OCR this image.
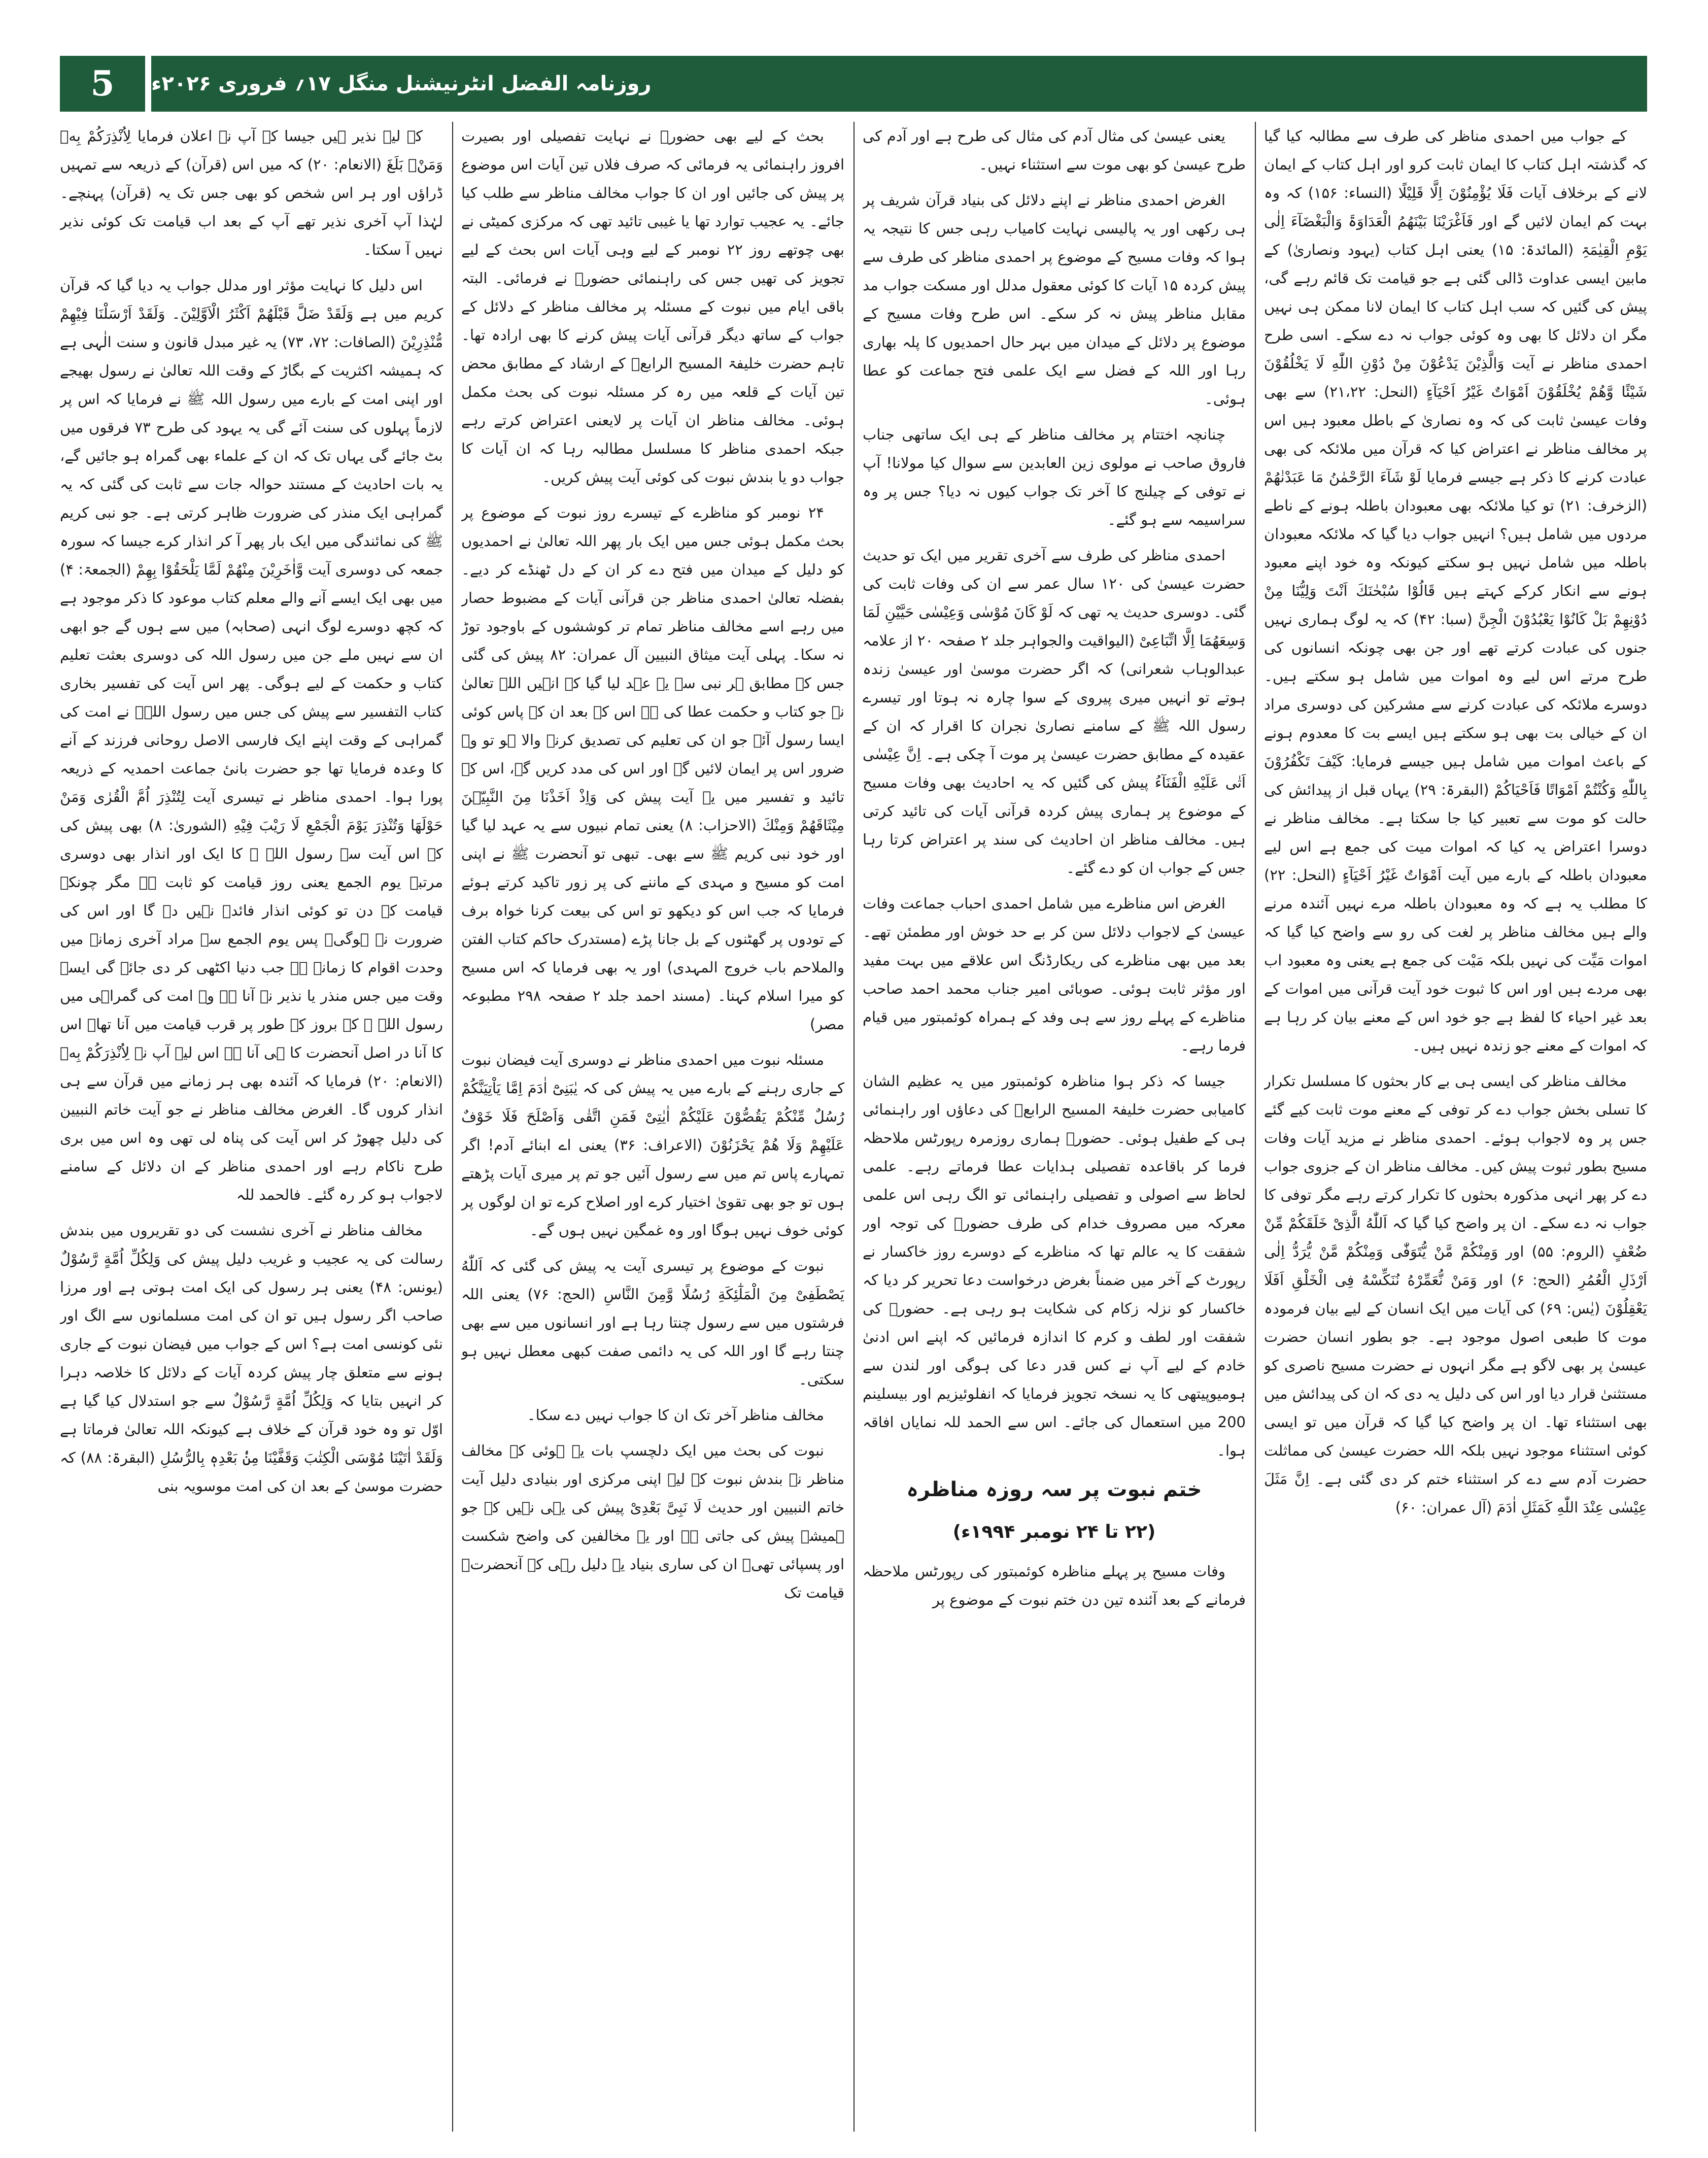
5	روزنامہ الفضل انٹرنیشنل منگل ۱۷؍ فروری ۲۰۲۶ء

کے جواب میں احمدی مناظر کی طرف سے مطالبہ کیا گیا کہ گذشتہ اہل کتاب کا ایمان ثابت کرو اور اہل کتاب کے ایمان لانے کے برخلاف آیات فَلَا یُؤْمِنُوْنَ اِلَّا قَلِیْلًا (النساء: ۱۵۶) کہ وہ بہت کم ایمان لائیں گے اور فَاَغْرَیْنَا بَیْنَهُمُ الْعَدَاوَۃَ وَالْبَغْضَآءَ اِلٰی یَوْمِ الْقِیٰمَۃِ (المائدۃ: ۱۵) یعنی اہل کتاب (یہود ونصاریٰ) کے مابین ایسی عداوت ڈالی گئی ہے جو قیامت تک قائم رہے گی، پیش کی گئیں کہ سب اہل کتاب کا ایمان لانا ممکن ہی نہیں مگر ان دلائل کا بھی وہ کوئی جواب نہ دے سکے۔ اسی طرح احمدی مناظر نے آیت وَالَّذِیْنَ یَدْعُوْنَ مِنْ دُوْنِ اللّٰهِ لَا یَخْلُقُوْنَ شَیْئًا وَّهُمْ یُخْلَقُوْنَ اَمْوَاتٌ غَیْرُ اَحْیَآءٍ (النحل: ۲۱،۲۲) سے بھی وفات عیسیٰ ثابت کی کہ وہ نصاریٰ کے باطل معبود ہیں اس پر مخالف مناظر نے اعتراض کیا کہ قرآن میں ملائکہ کی بھی عبادت کرنے کا ذکر ہے جیسے فرمایا لَوْ شَآءَ الرَّحْمٰنُ مَا عَبَدْنٰهُمْ (الزخرف: ۲۱) تو کیا ملائکہ بھی معبودان باطلہ ہونے کے ناطے مردوں میں شامل ہیں؟ انہیں جواب دیا گیا کہ ملائکہ معبودان باطلہ میں شامل نہیں ہو سکتے کیونکہ وہ خود اپنے معبود ہونے سے انکار کرکے کہتے ہیں قَالُوْا سُبْحٰنَكَ اَنْتَ وَلِیُّنَا مِنْ دُوْنِهِمْ بَلْ كَانُوْا یَعْبُدُوْنَ الْجِنَّ (سبا: ۴۲) کہ یہ لوگ ہماری نہیں جنوں کی عبادت کرتے تھے اور جن بھی چونکہ انسانوں کی طرح مرتے اس لیے وہ اموات میں شامل ہو سکتے ہیں۔ دوسرے ملائکہ کی عبادت کرنے سے مشرکین کی دوسری مراد ان کے خیالی بت بھی ہو سکتے ہیں ایسے بت کا معدوم ہونے کے باعث اموات میں شامل ہیں جیسے فرمایا: كَیْفَ تَكْفُرُوْنَ بِاللّٰهِ وَكُنْتُمْ اَمْوَاتًا فَاَحْیَاكُمْ (البقرۃ: ۲۹) یہاں قبل از پیدائش کی حالت کو موت سے تعبیر کیا جا سکتا ہے۔ مخالف مناظر نے دوسرا اعتراض یہ کیا کہ اموات میت کی جمع ہے اس لیے معبودان باطلہ کے بارے میں آیت اَمْوَاتٌ غَیْرُ اَحْیَآءٍ (النحل: ۲۲) کا مطلب یہ ہے کہ وہ معبودان باطلہ مرے نہیں آئندہ مرنے والے ہیں مخالف مناظر پر لغت کی رو سے واضح کیا گیا کہ اموات مَیِّت کی نہیں بلکہ مَیْت کی جمع ہے یعنی وہ معبود اب بھی مردے ہیں اور اس کا ثبوت خود آیت قرآنی میں اموات کے بعد غیر احیاء کا لفظ ہے جو خود اس کے معنے بیان کر رہا ہے کہ اموات کے معنے جو زندہ نہیں ہیں۔

مخالف مناظر کی ایسی ہی بے کار بحثوں کا مسلسل تکرار کا تسلی بخش جواب دے کر توفی کے معنے موت ثابت کیے گئے جس پر وہ لاجواب ہوئے۔ احمدی مناظر نے مزید آیات وفات مسیح بطور ثبوت پیش کیں۔ مخالف مناظر ان کے جزوی جواب دے کر پھر انہی مذکورہ بحثوں کا تکرار کرتے رہے مگر توفی کا جواب نہ دے سکے۔ ان پر واضح کیا گیا کہ اَللّٰهُ الَّذِیْ خَلَقَكُمْ مِّنْ ضُعْفٍ (الروم: ۵۵) اور وَمِنْكُمْ مَّنْ یُّتَوَفّٰی وَمِنْكُمْ مَّنْ یُّرَدُّ اِلٰی اَرْذَلِ الْعُمُرِ (الحج: ۶) اور وَمَنْ نُّعَمِّرْهُ نُنَكِّسْهُ فِی الْخَلْقِ اَفَلَا یَعْقِلُوْنَ (یٰس: ۶۹) کی آیات میں ایک انسان کے لیے بیان فرمودہ موت کا طبعی اصول موجود ہے۔ جو بطور انسان حضرت عیسیٰ پر بھی لاگو ہے مگر انہوں نے حضرت مسیح ناصری کو مستثنیٰ قرار دیا اور اس کی دلیل یہ دی کہ ان کی پیدائش میں بھی استثناء تھا۔ ان پر واضح کیا گیا کہ قرآن میں تو ایسی کوئی استثناء موجود نہیں بلکہ اللہ حضرت عیسیٰ کی مماثلت حضرت آدم سے دے کر استثناء ختم کر دی گئی ہے۔ اِنَّ مَثَلَ عِیْسٰی عِنْدَ اللّٰهِ كَمَثَلِ اٰدَمَ (آل عمران: ۶۰)

یعنی عیسیٰ کی مثال آدم کی مثال کی طرح ہے اور آدم کی طرح عیسیٰ کو بھی موت سے استثناء نہیں۔

الغرض احمدی مناظر نے اپنے دلائل کی بنیاد قرآن شریف پر ہی رکھی اور یہ پالیسی نہایت کامیاب رہی جس کا نتیجہ یہ ہوا کہ وفات مسیح کے موضوع پر احمدی مناظر کی طرف سے پیش کردہ ۱۵ آیات کا کوئی معقول مدلل اور مسکت جواب مد مقابل مناظر پیش نہ کر سکے۔ اس طرح وفات مسیح کے موضوع پر دلائل کے میدان میں بہر حال احمدیوں کا پلہ بھاری رہا اور اللہ کے فضل سے ایک علمی فتح جماعت کو عطا ہوئی۔

چنانچہ اختتام پر مخالف مناظر کے ہی ایک ساتھی جناب فاروق صاحب نے مولوی زین العابدین سے سوال کیا مولانا! آپ نے توفی کے چیلنج کا آخر تک جواب کیوں نہ دیا؟ جس پر وہ سراسیمہ سے ہو گئے۔

احمدی مناظر کی طرف سے آخری تقریر میں ایک تو حدیث حضرت عیسیٰ کی ۱۲۰ سال عمر سے ان کی وفات ثابت کی گئی۔ دوسری حدیث یہ تھی کہ لَوْ كَانَ مُوْسٰی وَعِیْسٰی حَیَّیْنِ لَمَا وَسِعَهُمَا اِلَّا اتِّبَاعِیْ (الیواقیت والجواہر جلد ۲ صفحہ ۲۰ از علامہ عبدالوہاب شعرانی) کہ اگر حضرت موسیٰ اور عیسیٰ زندہ ہوتے تو انہیں میری پیروی کے سوا چارہ نہ ہوتا اور تیسرے رسول اللہ ﷺ کے سامنے نصاریٰ نجران کا اقرار کہ ان کے عقیدہ کے مطابق حضرت عیسیٰ پر موت آ چکی ہے۔ اِنَّ عِیْسٰی اَتٰی عَلَیْهِ الْفَنَآءُ پیش کی گئیں کہ یہ احادیث بھی وفات مسیح کے موضوع پر ہماری پیش کردہ قرآنی آیات کی تائید کرتی ہیں۔ مخالف مناظر ان احادیث کی سند پر اعتراض کرتا رہا جس کے جواب ان کو دے گئے۔

الغرض اس مناظرے میں شامل احمدی احباب جماعت وفات عیسیٰ کے لاجواب دلائل سن کر بے حد خوش اور مطمئن تھے۔ بعد میں بھی مناظرے کی ریکارڈنگ اس علاقے میں بہت مفید اور مؤثر ثابت ہوئی۔ صوبائی امیر جناب محمد احمد صاحب مناظرے کے پہلے روز سے ہی وفد کے ہمراہ کوئمبتور میں قیام فرما رہے۔

جیسا کہ ذکر ہوا مناظرہ کوئمبتور میں یہ عظیم الشان کامیابی حضرت خلیفۃ المسیح الرابعؒ کی دعاؤں اور راہنمائی ہی کے طفیل ہوئی۔ حضورؒ ہماری روزمرہ رپورٹس ملاحظہ فرما کر باقاعدہ تفصیلی ہدایات عطا فرماتے رہے۔ علمی لحاظ سے اصولی و تفصیلی راہنمائی تو الگ رہی اس علمی معرکہ میں مصروف خدام کی طرف حضورؒ کی توجہ اور شفقت کا یہ عالم تھا کہ مناظرے کے دوسرے روز خاکسار نے رپورٹ کے آخر میں ضمناً بغرض درخواست دعا تحریر کر دیا کہ خاکسار کو نزلہ زکام کی شکایت ہو رہی ہے۔ حضورؒ کی شفقت اور لطف و کرم کا اندازہ فرمائیں کہ اپنے اس ادنیٰ خادم کے لیے آپ نے کس قدر دعا کی ہوگی اور لندن سے ہومیوپیتھی کا یہ نسخہ تجویز فرمایا کہ انفلوئیزیم اور بیسلینم 200 میں استعمال کی جائے۔ اس سے الحمد للہ نمایاں افاقہ ہوا۔

ختم نبوت پر سہ روزہ مناظرہ

(۲۲ تا ۲۴ نومبر ۱۹۹۴ء)

وفات مسیح پر پہلے مناظرہ کوئمبتور کی رپورٹس ملاحظہ فرمانے کے بعد آئندہ تین دن ختم نبوت کے موضوع پر

بحث کے لیے بھی حضورؒ نے نہایت تفصیلی اور بصیرت افروز راہنمائی یہ فرمائی کہ صرف فلاں تین آیات اس موضوع پر پیش کی جائیں اور ان کا جواب مخالف مناظر سے طلب کیا جائے۔ یہ عجیب توارد تھا یا غیبی تائید تھی کہ مرکزی کمیٹی نے بھی چوتھے روز ۲۲ نومبر کے لیے وہی آیات اس بحث کے لیے تجویز کی تھیں جس کی راہنمائی حضورؒ نے فرمائی۔ البتہ باقی ایام میں نبوت کے مسئلہ پر مخالف مناظر کے دلائل کے جواب کے ساتھ دیگر قرآنی آیات پیش کرنے کا بھی ارادہ تھا۔ تاہم حضرت خلیفۃ المسیح الرابعؒ کے ارشاد کے مطابق محض تین آیات کے قلعہ میں رہ کر مسئلہ نبوت کی بحث مکمل ہوئی۔ مخالف مناظر ان آیات پر لایعنی اعتراض کرتے رہے جبکہ احمدی مناظر کا مسلسل مطالبہ رہا کہ ان آیات کا جواب دو یا بندش نبوت کی کوئی آیت پیش کریں۔

۲۴ نومبر کو مناظرے کے تیسرے روز نبوت کے موضوع پر بحث مکمل ہوئی جس میں ایک بار پھر اللہ تعالیٰ نے احمدیوں کو دلیل کے میدان میں فتح دے کر ان کے دل ٹھنڈے کر دیے۔ بفضلہ تعالیٰ احمدی مناظر جن قرآنی آیات کے مضبوط حصار میں رہے اسے مخالف مناظر تمام تر کوششوں کے باوجود توڑ نہ سکا۔ پہلی آیت میثاق النبیین آل عمران: ۸۲ پیش کی گئی جس کے مطابق ہر نبی سے یہ عہد لیا گیا کہ انہیں اللہ تعالیٰ نے جو کتاب و حکمت عطا کی ہے اس کے بعد ان کے پاس کوئی ایسا رسول آئے جو ان کی تعلیم کی تصدیق کرنے والا ہو تو وہ ضرور اس پر ایمان لائیں گے اور اس کی مدد کریں گے، اس کے تائید و تفسیر میں یہ آیت پیش کی وَاِذْ اَخَذْنَا مِنَ النَّبِیّٖنَ مِیْثَاقَهُمْ وَمِنْكَ (الاحزاب: ۸) یعنی تمام نبیوں سے یہ عہد لیا گیا اور خود نبی کریم ﷺ سے بھی۔ تبھی تو آنحضرت ﷺ نے اپنی امت کو مسیح و مہدی کے ماننے کی پر زور تاکید کرتے ہوئے فرمایا کہ جب اس کو دیکھو تو اس کی بیعت کرنا خواہ برف کے تودوں پر گھٹنوں کے بل جانا پڑے (مستدرک حاکم کتاب الفتن والملاحم باب خروج المہدی) اور یہ بھی فرمایا کہ اس مسیح کو میرا اسلام کہنا۔ (مسند احمد جلد ۲ صفحہ ۲۹۸ مطبوعہ مصر)

مسئلہ نبوت میں احمدی مناظر نے دوسری آیت فیضان نبوت کے جاری رہنے کے بارے میں یہ پیش کی کہ یٰبَنِیْٓ اٰدَمَ اِمَّا یَاْتِیَنَّكُمْ رُسُلٌ مِّنْكُمْ یَقُصُّوْنَ عَلَیْكُمْ اٰیٰتِیْ فَمَنِ اتَّقٰی وَاَصْلَحَ فَلَا خَوْفٌ عَلَیْهِمْ وَلَا هُمْ یَحْزَنُوْنَ (الاعراف: ۳۶) یعنی اے ابنائے آدم! اگر تمہارے پاس تم میں سے رسول آئیں جو تم پر میری آیات پڑھتے ہوں تو جو بھی تقویٰ اختیار کرے اور اصلاح کرے تو ان لوگوں پر کوئی خوف نہیں ہوگا اور وہ غمگین نہیں ہوں گے۔

نبوت کے موضوع پر تیسری آیت یہ پیش کی گئی کہ اَللّٰهُ یَصْطَفِیْ مِنَ الْمَلٰٓئِكَةِ رُسُلًا وَّمِنَ النَّاسِ (الحج: ۷۶) یعنی اللہ فرشتوں میں سے رسول چنتا رہا ہے اور انسانوں میں سے بھی چنتا رہے گا اور اللہ کی یہ دائمی صفت کبھی معطل نہیں ہو سکتی۔

مخالف مناظر آخر تک ان کا جواب نہیں دے سکا۔

نبوت کی بحث میں ایک دلچسپ بات یہ ہوئی کہ مخالف مناظر نے بندش نبوت کے لیے اپنی مرکزی اور بنیادی دلیل آیت خاتم النبیین اور حدیث لَا نَبِیَّ بَعْدِیْ پیش کی یہی نہیں کہ جو ہمیشہ پیش کی جاتی ہے اور یہ مخالفین کی واضح شکست اور پسپائی تھی۔ ان کی ساری بنیاد یہ دلیل رہی کہ آنحضرتؐ قیامت تک

کے لیے نذیر ہیں جیسا کہ آپ نے اعلان فرمایا لِاُنْذِرَكُمْ بِهٖ وَمَنْۢ بَلَغَ (الانعام: ۲۰) کہ میں اس (قرآن) کے ذریعہ سے تمہیں ڈراؤں اور ہر اس شخص کو بھی جس تک یہ (قرآن) پہنچے۔ لہٰذا آپ آخری نذیر تھے آپ کے بعد اب قیامت تک کوئی نذیر نہیں آ سکتا۔

اس دلیل کا نہایت مؤثر اور مدلل جواب یہ دیا گیا کہ قرآن کریم میں ہے وَلَقَدْ ضَلَّ قَبْلَهُمْ اَكْثَرُ الْاَوَّلِیْنَ۔ وَلَقَدْ اَرْسَلْنَا فِیْهِمْ مُّنْذِرِیْنَ (الصافات: ۷۲، ۷۳) یہ غیر مبدل قانون و سنت الٰہی ہے کہ ہمیشہ اکثریت کے بگاڑ کے وقت اللہ تعالیٰ نے رسول بھیجے اور اپنی امت کے بارے میں رسول اللہ ﷺ نے فرمایا کہ اس پر لازماً پہلوں کی سنت آئے گی یہ یہود کی طرح ۷۳ فرقوں میں بٹ جائے گی یہاں تک کہ ان کے علماء بھی گمراہ ہو جائیں گے، یہ بات احادیث کے مستند حوالہ جات سے ثابت کی گئی کہ یہ گمراہی ایک منذر کی ضرورت ظاہر کرتی ہے۔ جو نبی کریم ﷺ کی نمائندگی میں ایک بار پھر آ کر انذار کرے جیسا کہ سورہ جمعہ کی دوسری آیت وَّاٰخَرِیْنَ مِنْهُمْ لَمَّا یَلْحَقُوْا بِهِمْ (الجمعۃ: ۴) میں بھی ایک ایسے آنے والے معلم کتاب موعود کا ذکر موجود ہے کہ کچھ دوسرے لوگ انہی (صحابہ) میں سے ہوں گے جو ابھی ان سے نہیں ملے جن میں رسول اللہ کی دوسری بعثت تعلیم کتاب و حکمت کے لیے ہوگی۔ پھر اس آیت کی تفسیر بخاری کتاب التفسیر سے پیش کی جس میں رسول اللہؐ نے امت کی گمراہی کے وقت اپنے ایک فارسی الاصل روحانی فرزند کے آنے کا وعدہ فرمایا تھا جو حضرت بانیٔ جماعت احمدیہ کے ذریعہ پورا ہوا۔ احمدی مناظر نے تیسری آیت لِتُنْذِرَ اُمَّ الْقُرٰی وَمَنْ حَوْلَهَا وَتُنْذِرَ یَوْمَ الْجَمْعِ لَا رَیْبَ فِیْهِ (الشوریٰ: ۸) بھی پیش کی کہ اس آیت سے رسول اللہ ﷺ کا ایک اور انذار بھی دوسری مرتبہ یوم الجمع یعنی روز قیامت کو ثابت ہے مگر چونکہ قیامت کے دن تو کوئی انذار فائدہ نہیں دے گا اور اس کی ضرورت نہ ہوگی۔ پس یوم الجمع سے مراد آخری زمانہ میں وحدت اقوام کا زمانہ ہے جب دنیا اکٹھی کر دی جائے گی ایسے وقت میں جس منذر یا نذیر نے آنا ہے وہ امت کی گمراہی میں رسول اللہ ﷺ کے بروز کے طور پر قرب قیامت میں آنا تھا۔ اس کا آنا در اصل آنحضرت کا ہی آنا ہے اس لیے آپ نے لِاُنْذِرَكُمْ بِهٖ (الانعام: ۲۰) فرمایا کہ آئندہ بھی ہر زمانے میں قرآن سے ہی انذار کروں گا۔ الغرض مخالف مناظر نے جو آیت خاتم النبیین کی دلیل چھوڑ کر اس آیت کی پناہ لی تھی وہ اس میں بری طرح ناکام رہے اور احمدی مناظر کے ان دلائل کے سامنے لاجواب ہو کر رہ گئے۔ فالحمد للہ

مخالف مناظر نے آخری نشست کی دو تقریروں میں بندش رسالت کی یہ عجیب و غریب دلیل پیش کی وَلِكُلِّ اُمَّةٍ رَّسُوْلٌ (یونس: ۴۸) یعنی ہر رسول کی ایک امت ہوتی ہے اور مرزا صاحب اگر رسول ہیں تو ان کی امت مسلمانوں سے الگ اور نئی کونسی امت ہے؟ اس کے جواب میں فیضان نبوت کے جاری ہونے سے متعلق چار پیش کردہ آیات کے دلائل کا خلاصہ دہرا کر انہیں بتایا کہ وَلِكُلِّ اُمَّةٍ رَّسُوْلٌ سے جو استدلال کیا گیا ہے اوّل تو وہ خود قرآن کے خلاف ہے کیونکہ اللہ تعالیٰ فرماتا ہے وَلَقَدْ اٰتَیْنَا مُوْسَی الْكِتٰبَ وَقَفَّیْنَا مِنْۢ بَعْدِهٖ بِالرُّسُلِ (البقرۃ: ۸۸) کہ حضرت موسیٰ کے بعد ان کی امت موسویہ بنی
